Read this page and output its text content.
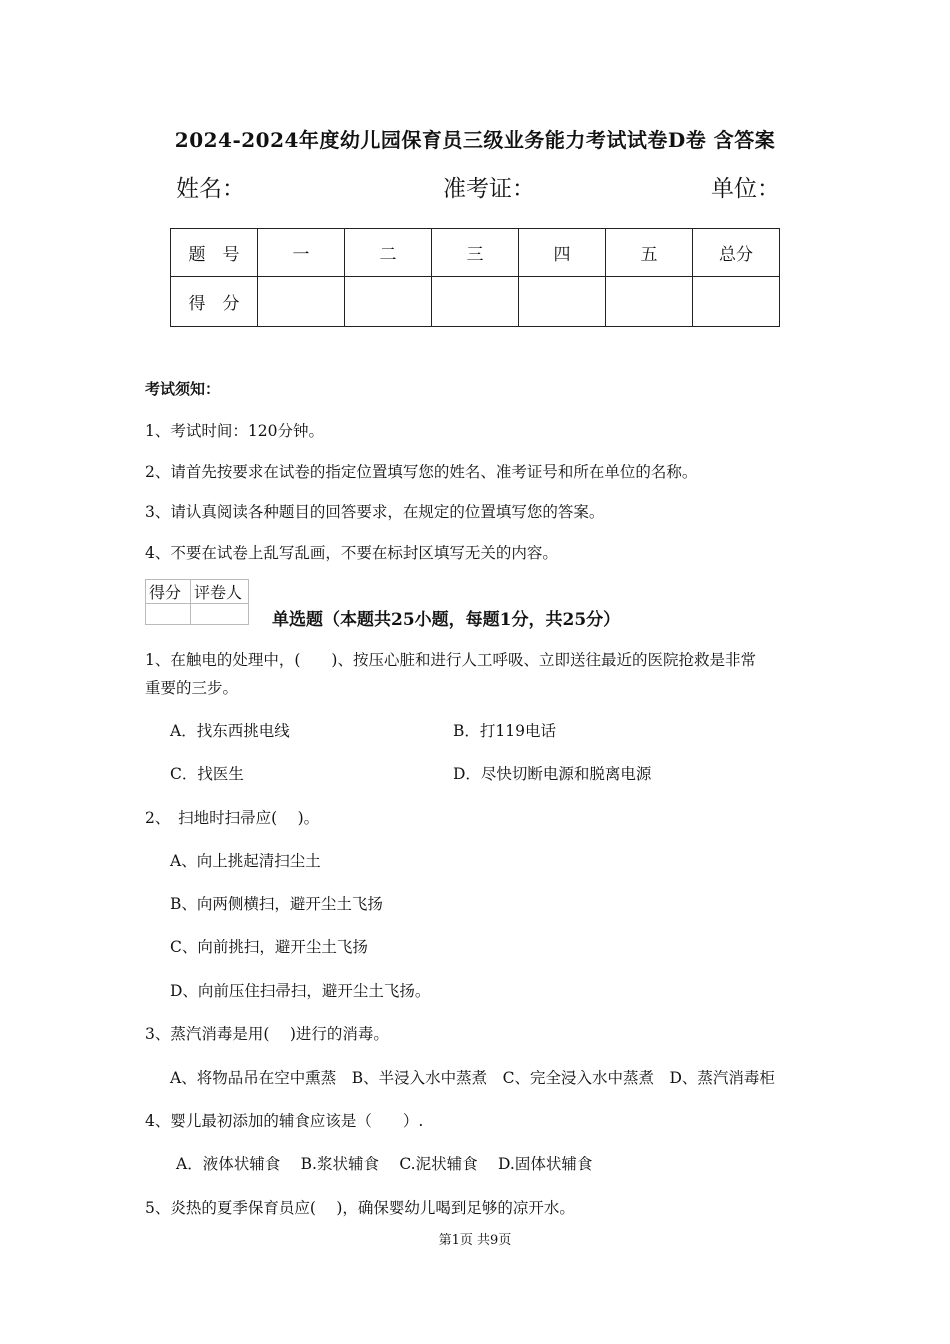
2024-2024年度幼儿园保育员三级业务能力考试试卷D卷 含答案
姓名：	准考证：	单位：
题　号	一	二	三	四	五	总分
得　分						
考试须知：
1、考试时间：120分钟。
2、请首先按要求在试卷的指定位置填写您的姓名、准考证号和所在单位的名称。
3、请认真阅读各种题目的回答要求，在规定的位置填写您的答案。
4、不要在试卷上乱写乱画，不要在标封区填写无关的内容。
得分	评卷人

单选题（本题共25小题，每题1分，共25分）
1、在触电的处理中，(　　)、按压心脏和进行人工呼吸、立即送往最近的医院抢救是非常
重要的三步。
A．找东西挑电线	B．打119电话
C．找医生	D．尽快切断电源和脱离电源
2、　扫地时扫帚应(　 )。
A、向上挑起清扫尘土
B、向两侧横扫，避开尘土飞扬
C、向前挑扫，避开尘土飞扬
D、向前压住扫帚扫，避开尘土飞扬。
3、蒸汽消毒是用(　 )进行的消毒。
A、将物品吊在空中熏蒸　B、半浸入水中蒸煮　C、完全浸入水中蒸煮　D、蒸汽消毒柜
4、婴儿最初添加的辅食应该是（　　）.
A．液体状辅食　 B.浆状辅食　 C.泥状辅食　 D.固体状辅食
5、炎热的夏季保育员应(　 )，确保婴幼儿喝到足够的凉开水。
第1页 共9页
